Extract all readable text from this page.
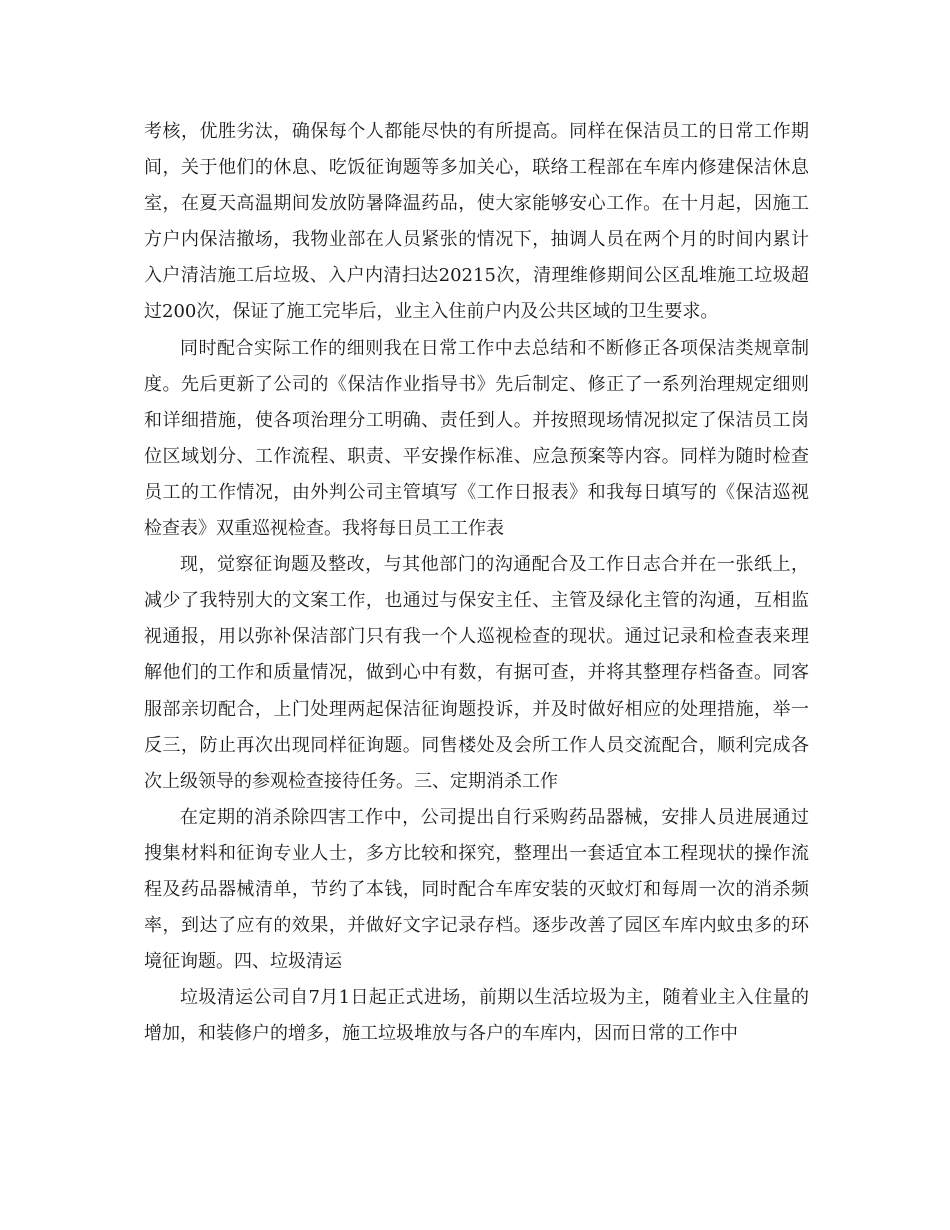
考核，优胜劣汰，确保每个人都能尽快的有所提高。同样在保洁员工的日常工作期间，关于他们的休息、吃饭征询题等多加关心，联络工程部在车库内修建保洁休息室，在夏天高温期间发放防暑降温药品，使大家能够安心工作。在十月起，因施工方户内保洁撤场，我物业部在人员紧张的情况下，抽调人员在两个月的时间内累计入户清洁施工后垃圾、入户内清扫达20215次，清理维修期间公区乱堆施工垃圾超过200次，保证了施工完毕后，业主入住前户内及公共区域的卫生要求。

同时配合实际工作的细则我在日常工作中去总结和不断修正各项保洁类规章制度。先后更新了公司的《保洁作业指导书》先后制定、修正了一系列治理规定细则和详细措施，使各项治理分工明确、责任到人。并按照现场情况拟定了保洁员工岗位区域划分、工作流程、职责、平安操作标准、应急预案等内容。同样为随时检查员工的工作情况，由外判公司主管填写《工作日报表》和我每日填写的《保洁巡视检查表》双重巡视检查。我将每日员工工作表

现，觉察征询题及整改，与其他部门的沟通配合及工作日志合并在一张纸上，减少了我特别大的文案工作，也通过与保安主任、主管及绿化主管的沟通，互相监视通报，用以弥补保洁部门只有我一个人巡视检查的现状。通过记录和检查表来理解他们的工作和质量情况，做到心中有数，有据可查，并将其整理存档备查。同客服部亲切配合，上门处理两起保洁征询题投诉，并及时做好相应的处理措施，举一反三，防止再次出现同样征询题。同售楼处及会所工作人员交流配合，顺利完成各次上级领导的参观检查接待任务。三、定期消杀工作

在定期的消杀除四害工作中，公司提出自行采购药品器械，安排人员进展通过搜集材料和征询专业人士，多方比较和探究，整理出一套适宜本工程现状的操作流程及药品器械清单，节约了本钱，同时配合车库安装的灭蚊灯和每周一次的消杀频率，到达了应有的效果，并做好文字记录存档。逐步改善了园区车库内蚊虫多的环境征询题。四、垃圾清运

垃圾清运公司自7月1日起正式进场，前期以生活垃圾为主，随着业主入住量的增加，和装修户的增多，施工垃圾堆放与各户的车库内，因而日常的工作中
